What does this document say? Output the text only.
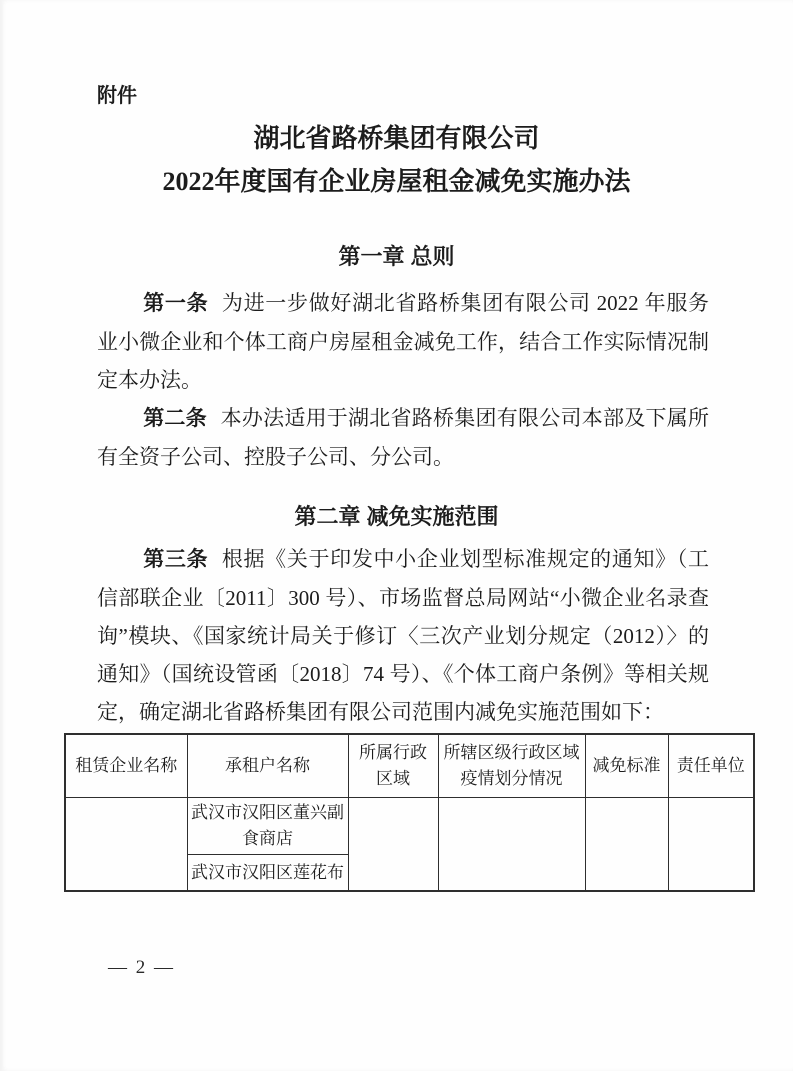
附件
湖北省路桥集团有限公司
2022年度国有企业房屋租金减免实施办法
第一章 总则

第一条 为进一步做好湖北省路桥集团有限公司 2022 年服务业小微企业和个体工商户房屋租金减免工作，结合工作实际情况制定本办法。

第二条 本办法适用于湖北省路桥集团有限公司本部及下属所有全资子公司、控股子公司、分公司。

第二章 减免实施范围

第三条 根据《关于印发中小企业划型标准规定的通知》（工信部联企业〔2011〕300 号）、市场监督总局网站“小微企业名录查询”模块、《国家统计局关于修订〈三次产业划分规定（2012）〉的通知》（国统设管函〔2018〕74 号）、《个体工商户条例》等相关规定，确定湖北省路桥集团有限公司范围内减免实施范围如下：

租赁企业名称	承租户名称	所属行政区域	所辖区级行政区域疫情划分情况	减免标准	责任单位
	武汉市汉阳区董兴副食商店				
	武汉市汉阳区莲花布				
— 2 —
